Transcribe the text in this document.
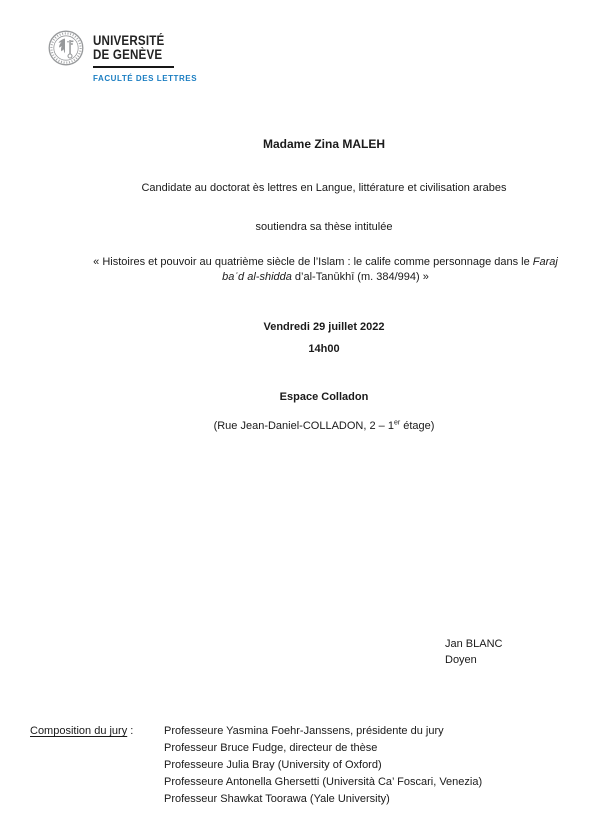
UNIVERSITÉ
DE GENÈVE
FACULTÉ DES LETTRES
Madame Zina MALEH
Candidate au doctorat ès lettres en Langue, littérature et civilisation arabes
soutiendra sa thèse intitulée
« Histoires et pouvoir au quatrième siècle de l’Islam : le calife comme personnage dans le Faraj baʿd al-shidda d’al-Tanūkhī (m. 384/994) »
Vendredi 29 juillet 2022
14h00
Espace Colladon
(Rue Jean-Daniel-COLLADON, 2 – 1er étage)
Jan BLANC
Doyen
Composition du jury :	Professeure Yasmina Foehr-Janssens, présidente du jury
Professeur Bruce Fudge, directeur de thèse
Professeure Julia Bray (University of Oxford)
Professeure Antonella Ghersetti (Università Ca’ Foscari, Venezia)
Professeur Shawkat Toorawa (Yale University)
